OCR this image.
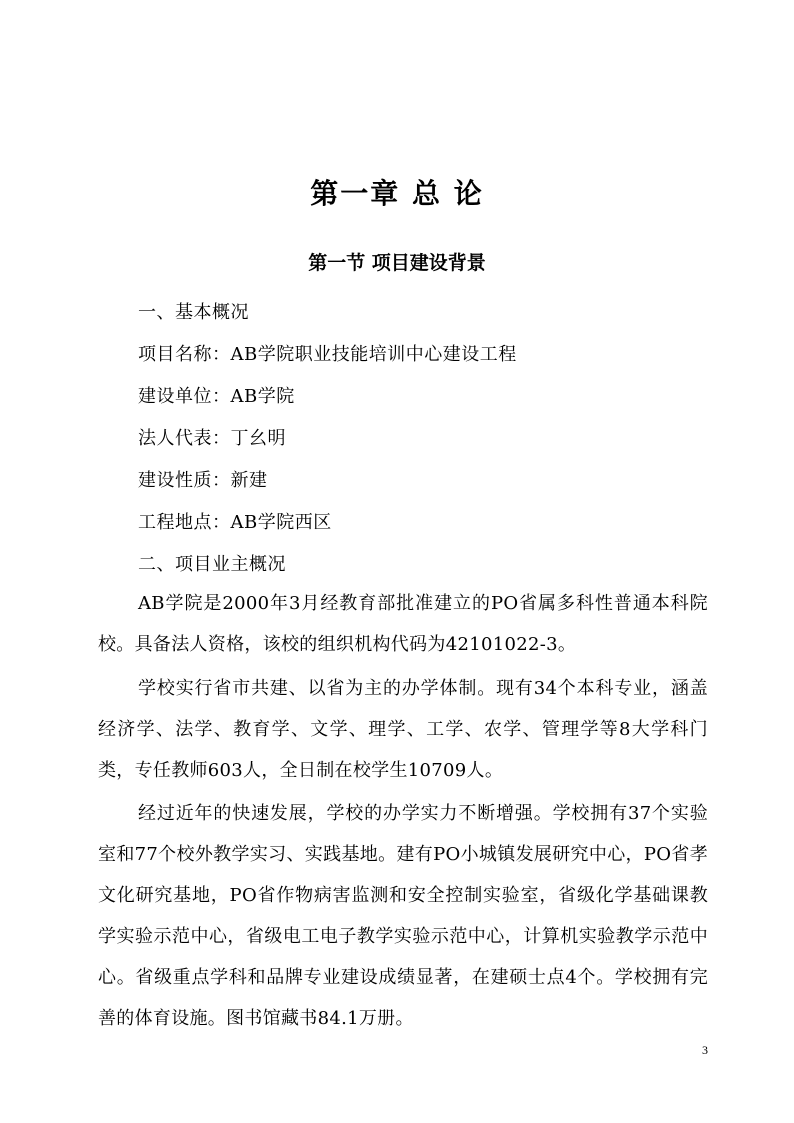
第一章 总 论
第一节 项目建设背景
一、基本概况
项目名称：AB学院职业技能培训中心建设工程
建设单位：AB学院
法人代表：丁幺明
建设性质：新建
工程地点：AB学院西区
二、项目业主概况
AB学院是2000年3月经教育部批准建立的PO省属多科性普通本科院校。具备法人资格，该校的组织机构代码为42101022-3。
学校实行省市共建、以省为主的办学体制。现有34个本科专业，涵盖经济学、法学、教育学、文学、理学、工学、农学、管理学等8大学科门类，专任教师603人，全日制在校学生10709人。
经过近年的快速发展，学校的办学实力不断增强。学校拥有37个实验室和77个校外教学实习、实践基地。建有PO小城镇发展研究中心，PO省孝文化研究基地，PO省作物病害监测和安全控制实验室，省级化学基础课教学实验示范中心，省级电工电子教学实验示范中心，计算机实验教学示范中心。省级重点学科和品牌专业建设成绩显著，在建硕士点4个。学校拥有完善的体育设施。图书馆藏书84.1万册。
3
